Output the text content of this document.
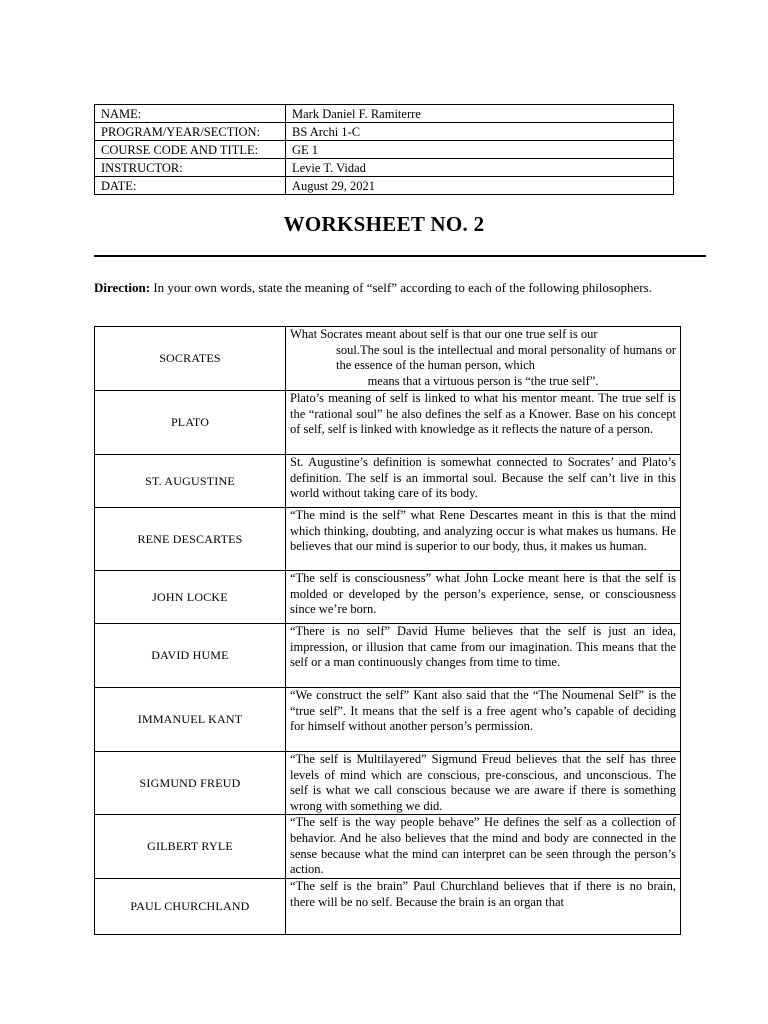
NAME:	Mark Daniel F. Ramiterre
PROGRAM/YEAR/SECTION:	BS Archi 1-C
COURSE CODE AND TITLE:	GE 1
INSTRUCTOR:	Levie T. Vidad
DATE:	August 29, 2021
WORKSHEET NO. 2
Direction: In your own words, state the meaning of “self” according to each of the following philosophers.
SOCRATES	What Socrates meant about self is that our one true self is our
soul.The soul is the intellectual and moral personality of humans or the essence of the human person, which
means that a virtuous person is “the true self”.

PLATO	Plato’s meaning of self is linked to what his mentor meant. The true self is the “rational soul” he also defines the self as a Knower. Base on his concept of self, self is linked with knowledge as it reflects the nature of a person.
ST. AUGUSTINE	St. Augustine’s definition is somewhat connected to Socrates’ and Plato’s definition. The self is an immortal soul. Because the self can’t live in this world without taking care of its body.
RENE DESCARTES	“The mind is the self” what Rene Descartes meant in this is that the mind which thinking, doubting, and analyzing occur is what makes us humans. He believes that our mind is superior to our body, thus, it makes us human.
JOHN LOCKE	“The self is consciousness” what John Locke meant here is that the self is molded or developed by the person’s experience, sense, or consciousness since we’re born.
DAVID HUME	“There is no self” David Hume believes that the self is just an idea, impression, or illusion that came from our imagination. This means that the self or a man continuously changes from time to time.
IMMANUEL KANT	“We construct the self” Kant also said that the “The Noumenal Self” is the “true self”. It means that the self is a free agent who’s capable of deciding for himself without another person’s permission.
SIGMUND FREUD	“The self is Multilayered” Sigmund Freud believes that the self has three levels of mind which are conscious, pre-conscious, and unconscious. The self is what we call conscious because we are aware if there is something wrong with something we did.
GILBERT RYLE	“The self is the way people behave” He defines the self as a collection of behavior. And he also believes that the mind and body are connected in the sense because what the mind can interpret can be seen through the person’s action.
PAUL CHURCHLAND	“The self is the brain” Paul Churchland believes that if there is no brain, there will be no self. Because the brain is an organ that
